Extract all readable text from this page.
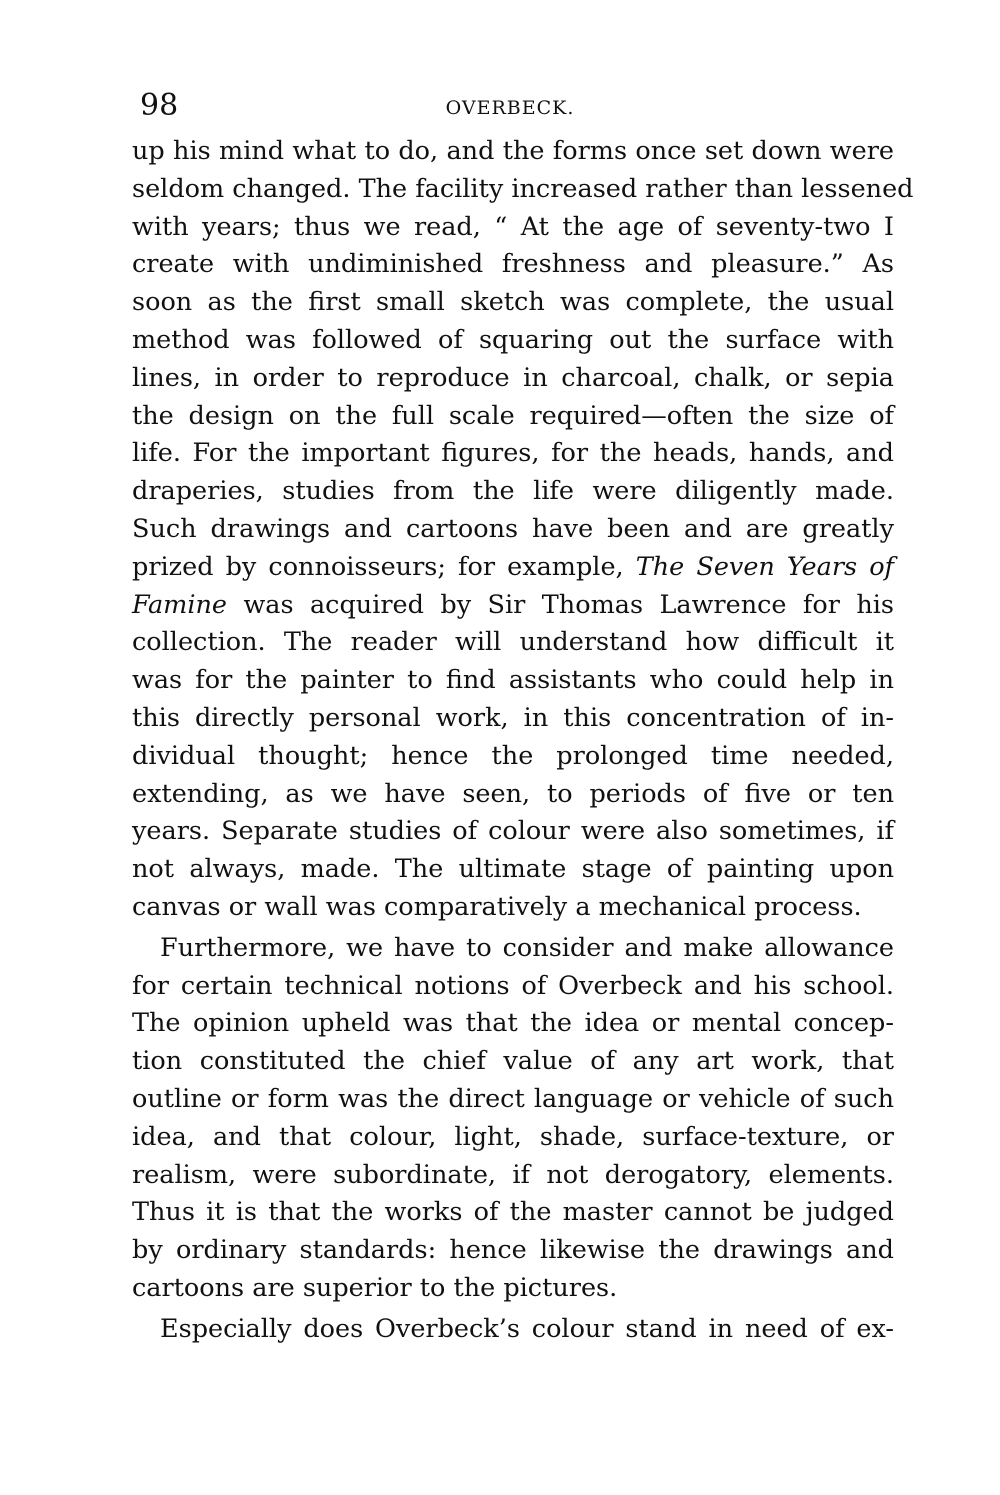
98	OVERBECK.
up his mind what to do, and the forms once set down were
seldom changed. The facility increased rather than lessened
with years; thus we read, “ At the age of seventy-two I
create with undiminished freshness and pleasure.” As
soon as the first small sketch was complete, the usual
method was followed of squaring out the surface with
lines, in order to reproduce in charcoal, chalk, or sepia
the design on the full scale required—often the size of
life. For the important figures, for the heads, hands, and
draperies, studies from the life were diligently made.
Such drawings and cartoons have been and are greatly
prized by connoisseurs; for example, The Seven Years of
Famine was acquired by Sir Thomas Lawrence for his
collection. The reader will understand how difficult it
was for the painter to find assistants who could help in
this directly personal work, in this concentration of in-
dividual thought; hence the prolonged time needed,
extending, as we have seen, to periods of five or ten
years. Separate studies of colour were also sometimes, if
not always, made. The ultimate stage of painting upon
canvas or wall was comparatively a mechanical process.
Furthermore, we have to consider and make allowance
for certain technical notions of Overbeck and his school.
The opinion upheld was that the idea or mental concep-
tion constituted the chief value of any art work, that
outline or form was the direct language or vehicle of such
idea, and that colour, light, shade, surface-texture, or
realism, were subordinate, if not derogatory, elements.
Thus it is that the works of the master cannot be judged
by ordinary standards: hence likewise the drawings and
cartoons are superior to the pictures.
Especially does Overbeck’s colour stand in need of ex-
